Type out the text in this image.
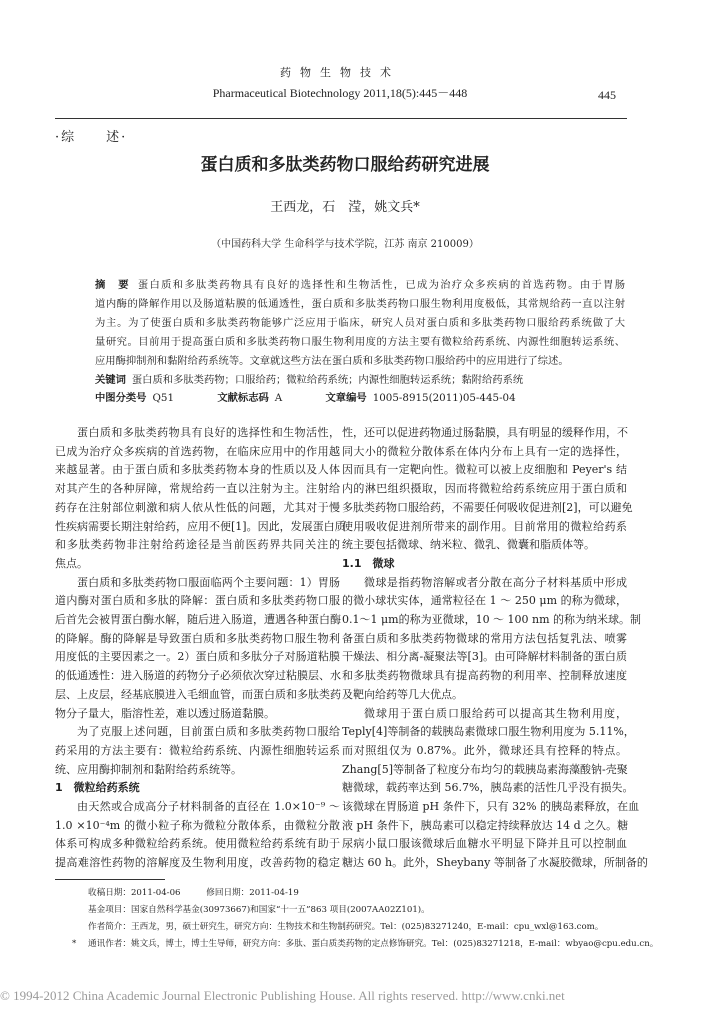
药物生物技术
Pharmaceutical Biotechnology 2011,18(5):445－448	445
·综　　述·
蛋白质和多肽类药物口服给药研究进展
王西龙，石　滢，姚文兵*
（中国药科大学 生命科学与技术学院，江苏 南京 210009）
摘　要 蛋白质和多肽类药物具有良好的选择性和生物活性，已成为治疗众多疾病的首选药物。由于胃肠
道内酶的降解作用以及肠道粘膜的低通透性，蛋白质和多肽类药物口服生物利用度极低，其常规给药一直以注射
为主。为了使蛋白质和多肽类药物能够广泛应用于临床，研究人员对蛋白质和多肽类药物口服给药系统做了大
量研究。目前用于提高蛋白质和多肽类药物口服生物利用度的方法主要有微粒给药系统、内源性细胞转运系统、
应用酶抑制剂和黏附给药系统等。文章就这些方法在蛋白质和多肽类药物口服给药中的应用进行了综述。
关键词 蛋白质和多肽类药物；口服给药；微粒给药系统；内源性细胞转运系统；黏附给药系统
中图分类号 Q51	文献标志码 A	文章编号 1005-8915(2011)05-445-04
蛋白质和多肽类药物具有良好的选择性和生物活性，
已成为治疗众多疾病的首选药物，在临床应用中的作用越
来越显著。由于蛋白质和多肽类药物本身的性质以及人体
对其产生的各种屏障，常规给药一直以注射为主。注射给
药存在注射部位刺激和病人依从性低的问题，尤其对于慢
性疾病需要长期注射给药，应用不便[1]。因此，发展蛋白质
和多肽类药物非注射给药途径是当前医药界共同关注的
焦点。
蛋白质和多肽类药物口服面临两个主要问题：1）胃肠
道内酶对蛋白质和多肽的降解：蛋白质和多肽类药物口服
后首先会被胃蛋白酶水解，随后进入肠道，遭遇各种蛋白酶
的降解。酶的降解是导致蛋白质和多肽类药物口服生物利
用度低的主要因素之一。2）蛋白质和多肽分子对肠道粘膜
的低通透性：进入肠道的药物分子必须依次穿过粘膜层、水
层、上皮层，经基底膜进入毛细血管，而蛋白质和多肽类药
物分子量大，脂溶性差，难以透过肠道黏膜。
为了克服上述问题，目前蛋白质和多肽类药物口服给
药采用的方法主要有：微粒给药系统、内源性细胞转运系
统、应用酶抑制剂和黏附给药系统等。
1　微粒给药系统
由天然或合成高分子材料制备的直径在 1.0×10⁻⁹ ～
1.0 ×10⁻⁴m 的微小粒子称为微粒分散体系，由微粒分散
体系可构成多种微粒给药系统。使用微粒给药系统有助于
提高难溶性药物的溶解度及生物利用度，改善药物的稳定
性，还可以促进药物通过肠黏膜，具有明显的缓释作用，不
同大小的微粒分散体系在体内分布上具有一定的选择性，
因而具有一定靶向性。微粒可以被上皮细胞和 Peyer's 结
内的淋巴组织摄取，因而将微粒给药系统应用于蛋白质和
多肽类药物口服给药，不需要任何吸收促进剂[2]，可以避免
使用吸收促进剂所带来的副作用。目前常用的微粒给药系
统主要包括微球、纳米粒、微乳、微囊和脂质体等。
1.1　微球
微球是指药物溶解或者分散在高分子材料基质中形成
的微小球状实体，通常粒径在 1 ～ 250 μm 的称为微球，
0.1～1 μm的称为亚微球，10 ～ 100 nm 的称为纳米球。制
备蛋白质和多肽类药物微球的常用方法包括复乳法、喷雾
干燥法、相分离-凝聚法等[3]。由可降解材料制备的蛋白质
和多肽类药物微球具有提高药物的利用率、控制释放速度
及靶向给药等几大优点。
微球用于蛋白质口服给药可以提高其生物利用度，
Teply[4]等制备的载胰岛素微球口服生物利用度为 5.11%，
而对照组仅为 0.87%。此外，微球还具有控释的特点。
Zhang[5]等制备了粒度分布均匀的载胰岛素海藻酸钠-壳聚
糖微球，载药率达到 56.7%，胰岛素的活性几乎没有损失。
该微球在胃肠道 pH 条件下，只有 32% 的胰岛素释放，在血
液 pH 条件下，胰岛素可以稳定持续释放达 14 d 之久。糖
尿病小鼠口服该微球后血糖水平明显下降并且可以控制血
糖达 60 h。此外，Sheybany 等制备了水凝胶微球，所制备的
收稿日期：2011-04-06　　　修回日期：2011-04-19
基金项目：国家自然科学基金(30973667)和国家“十一五”863 项目(2007AA02Z101)。
作者简介：王西龙，男，硕士研究生，研究方向：生物技术和生物制药研究。Tel：(025)83271240，E-mail：cpu_wxl@163.com。
* 通讯作者：姚文兵，博士，博士生导师，研究方向：多肽、蛋白质类药物的定点修饰研究。Tel：(025)83271218，E-mail：wbyao@cpu.edu.cn。
© 1994-2012 China Academic Journal Electronic Publishing House. All rights reserved. http://www.cnki.net
